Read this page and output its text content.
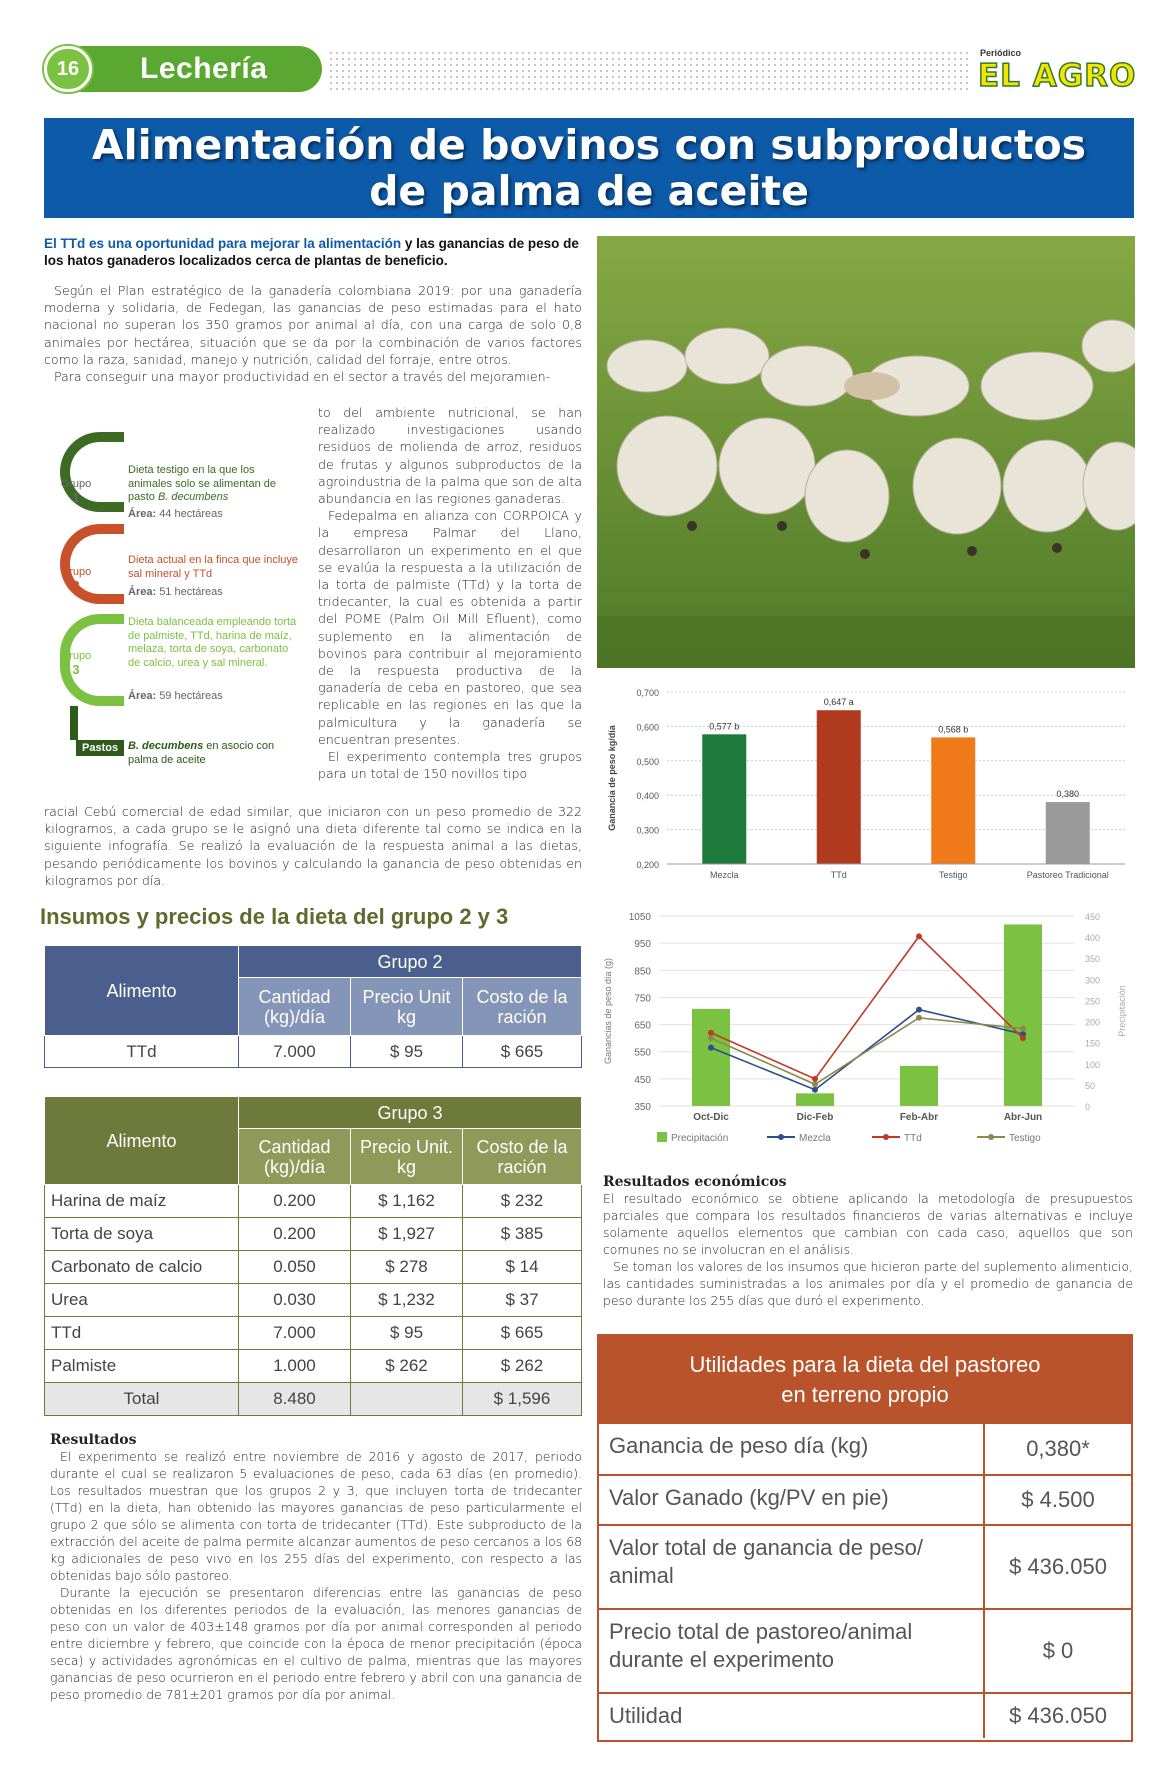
16	Lechería	Periódico
EL AGRO
Alimentación de bovinos con subproductos
de palma de aceite
El TTd es una oportunidad para mejorar la alimentación y las ganancias de peso de los hatos ganaderos localizados cerca de plantas de beneficio.

Según el Plan estratégico de la ganadería colombiana 2019: por una ganadería moderna y solidaria, de Fedegan, las ganancias de peso estimadas para el hato nacional no superan los 350 gramos por animal al día, con una carga de solo 0,8 animales por hectárea, situación que se da por la combinación de varios factores como la raza, sanidad, manejo y nutrición, calidad del forraje, entre otros.

Para conseguir una mayor productividad en el sector a través del mejoramien-

to del ambiente nutricional, se han realizado investigaciones usando residuos de molienda de arroz, residuos de frutas y algunos subproductos de la agroindustria de la palma que son de alta abundancia en las regiones ganaderas.

Fedepalma en alianza con CORPOICA y la empresa Palmar del Llano, desarrollaron un experimento en el que se evalúa la respuesta a la utilización de la torta de palmiste (TTd) y la torta de tridecanter, la cual es obtenida a partir del POME (Palm Oil Mill Efluent), como suplemento en la alimentación de bovinos para contribuir al mejoramiento de la respuesta productiva de la ganadería de ceba en pastoreo, que sea replicable en las regiones en las que la palmicultura y la ganadería se encuentran presentes.

El experimento contempla tres grupos para un total de 150 novillos tipo

racial Cebú comercial de edad similar, que iniciaron con un peso promedio de 322 kilogramos, a cada grupo se le asignó una dieta diferente tal como se indica en la siguiente infografía. Se realizó la evaluación de la respuesta animal a las dietas, pesando periódicamente los bovinos y calculando la ganancia de peso obtenidas en kilogramos por día.

Grupo
1
Dieta testigo en la que los animales solo se alimentan de pasto B. decumbens
Área: 44 hectáreas
Grupo
2
Dieta actual en la finca que incluye sal mineral y TTd
Área: 51 hectáreas
Grupo
3
Dieta balanceada empleando torta de palmiste, TTd, harina de maíz, melaza, torta de soya, carbonato de calcio, urea y sal mineral.
Área: 59 hectáreas
Pastos B. decumbens en asocio con palma de aceite
0,200
0,300
0,400
0,500
0,600
0,700
Ganancia de peso kg/día	0,577 b
Mezcla
0,647 a
TTd
0,568 b
Testigo
0,380
Pastoreo Tradicional
350
450
550
650
750
850
950
1050
0
50
100
150
200
250
300
350
400
450
Ganancias de peso día (g)	Precipitación
Oct-Dic	Dic-Feb	Feb-Abr	Abr-Jun
Precipitación	Mezcla	TTd	Testigo
Insumos y precios de la dieta del grupo 2 y 3
Alimento	Grupo 2		
	Cantidad (kg)/día	Precio Unit kg	Costo de la ración
TTd	7.000	$ 95	$ 665
Alimento	Grupo 3		
	Cantidad (kg)/día	Precio Unit. kg	Costo de la ración
Harina de maíz	0.200	$ 1,162	$ 232
Torta de soya	0.200	$ 1,927	$ 385
Carbonato de calcio	0.050	$ 278	$ 14
Urea	0.030	$ 1,232	$ 37
TTd	7.000	$ 95	$ 665
Palmiste	1.000	$ 262	$ 262
Total	8.480		$ 1,596
Resultados

El experimento se realizó entre noviembre de 2016 y agosto de 2017, periodo durante el cual se realizaron 5 evaluaciones de peso, cada 63 días (en promedio). Los resultados muestran que los grupos 2 y 3, que incluyen torta de tridecanter (TTd) en la dieta, han obtenido las mayores ganancias de peso particularmente el grupo 2 que sólo se alimenta con torta de tridecanter (TTd). Este subproducto de la extracción del aceite de palma permite alcanzar aumentos de peso cercanos a los 68 kg adicionales de peso vivo en los 255 días del experimento, con respecto a las obtenidas bajo sólo pastoreo.

Durante la ejecución se presentaron diferencias entre las ganancias de peso obtenidas en los diferentes periodos de la evaluación, las menores ganancias de peso con un valor de 403±148 gramos por día por animal corresponden al periodo entre diciembre y febrero, que coincide con la época de menor precipitación (época seca) y actividades agronómicas en el cultivo de palma, mientras que las mayores ganancias de peso ocurrieron en el periodo entre febrero y abril con una ganancia de peso promedio de 781±201 gramos por día por animal.

Resultados económicos

El resultado económico se obtiene aplicando la metodología de presupuestos parciales que compara los resultados financieros de varias alternativas e incluye solamente aquellos elementos que cambian con cada caso, aquellos que son comunes no se involucran en el análisis.

Se toman los valores de los insumos que hicieron parte del suplemento alimenticio, las cantidades suministradas a los animales por día y el promedio de ganancia de peso durante los 255 días que duró el experimento.

Utilidades para la dieta del pastoreo
en terreno propio
Ganancia de peso día (kg)	0,380*
Valor Ganado (kg/PV en pie)	$ 4.500
Valor total de ganancia de peso/ animal	$ 436.050
Precio total de pastoreo/animal durante el experimento	$ 0
Utilidad	$ 436.050
